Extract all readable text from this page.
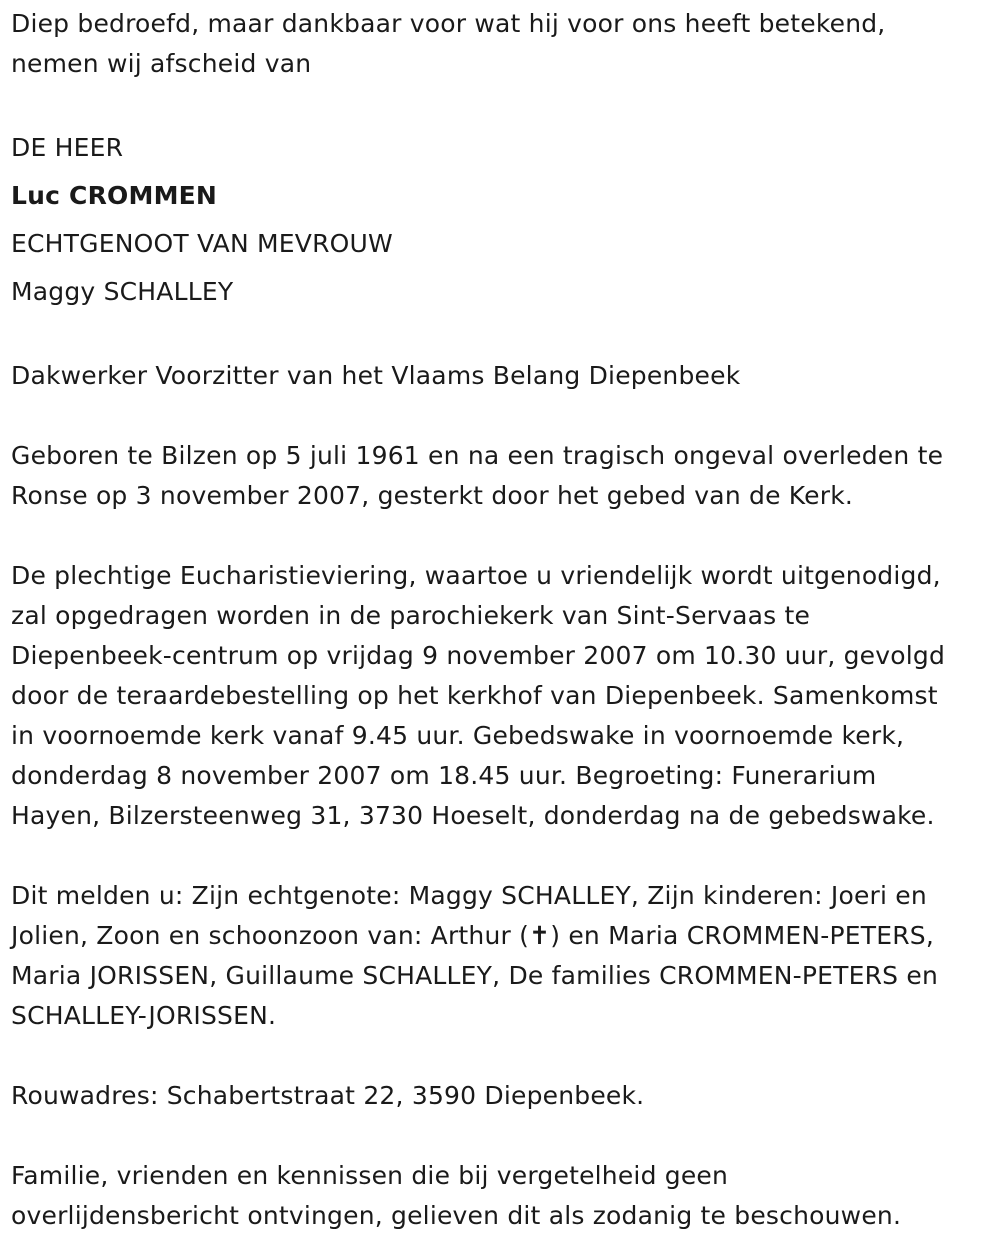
Diep bedroefd, maar dankbaar voor wat hij voor ons heeft betekend,

nemen wij afscheid van

DE HEER

Luc CROMMEN

ECHTGENOOT VAN MEVROUW

Maggy SCHALLEY

Dakwerker Voorzitter van het Vlaams Belang Diepenbeek

Geboren te Bilzen op 5 juli 1961 en na een tragisch ongeval overleden te

Ronse op 3 november 2007, gesterkt door het gebed van de Kerk.

De plechtige Eucharistieviering, waartoe u vriendelijk wordt uitgenodigd,

zal opgedragen worden in de parochiekerk van Sint-Servaas te

Diepenbeek-centrum op vrijdag 9 november 2007 om 10.30 uur, gevolgd

door de teraardebestelling op het kerkhof van Diepenbeek. Samenkomst

in voornoemde kerk vanaf 9.45 uur. Gebedswake in voornoemde kerk,

donderdag 8 november 2007 om 18.45 uur. Begroeting: Funerarium

Hayen, Bilzersteenweg 31, 3730 Hoeselt, donderdag na de gebedswake.

Dit melden u: Zijn echtgenote: Maggy SCHALLEY, Zijn kinderen: Joeri en

Jolien, Zoon en schoonzoon van: Arthur (✝) en Maria CROMMEN-PETERS,

Maria JORISSEN, Guillaume SCHALLEY, De families CROMMEN-PETERS en

SCHALLEY-JORISSEN.

Rouwadres: Schabertstraat 22, 3590 Diepenbeek.

Familie, vrienden en kennissen die bij vergetelheid geen

overlijdensbericht ontvingen, gelieven dit als zodanig te beschouwen.
